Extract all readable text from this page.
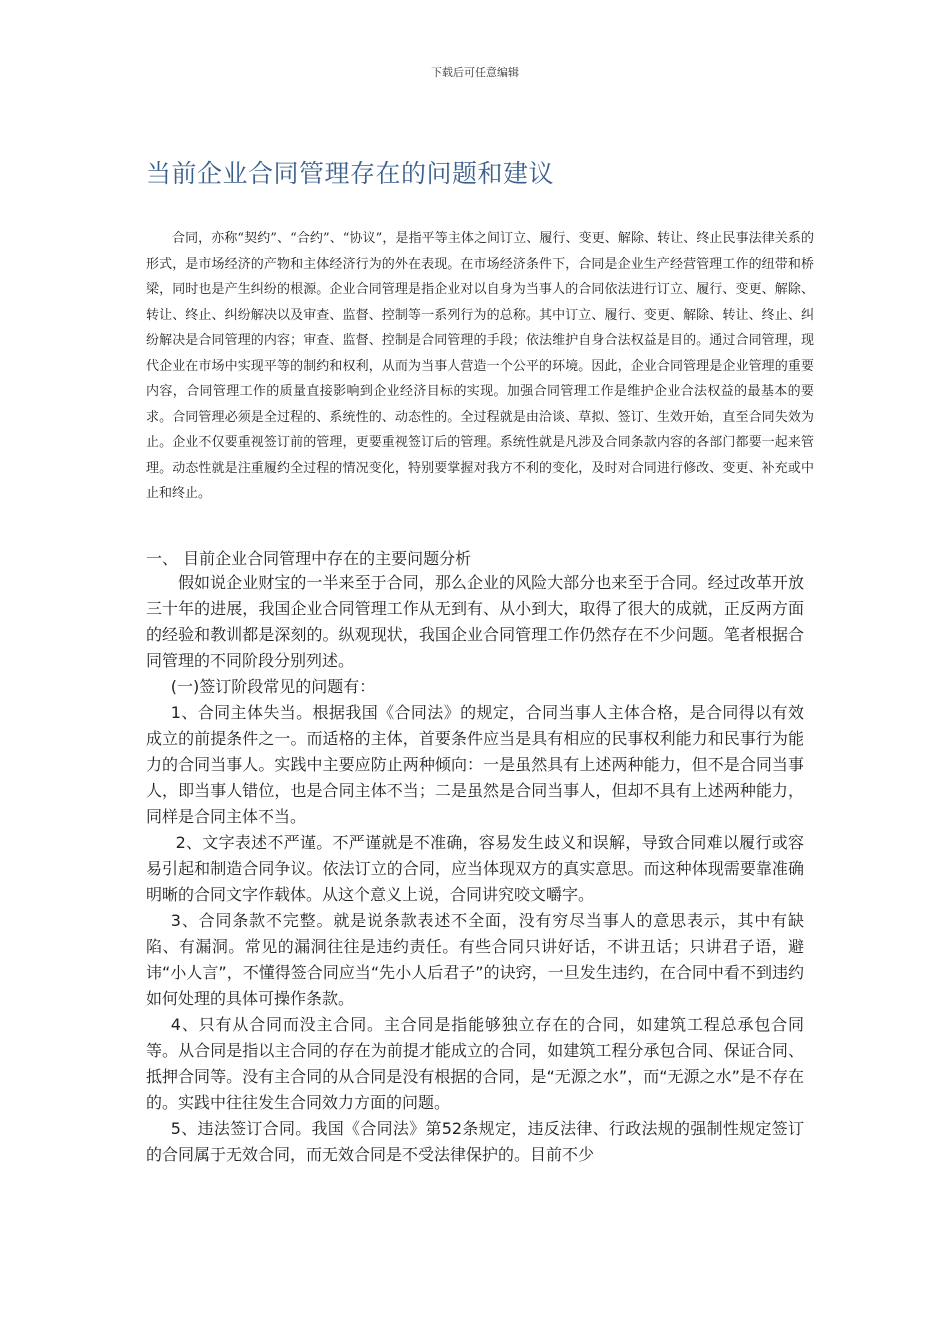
下载后可任意编辑
当前企业合同管理存在的问题和建议

合同，亦称“契约”、“合约”、“协议”，是指平等主体之间订立、履行、变更、解除、转让、终止民事法律关系的形式，是市场经济的产物和主体经济行为的外在表现。在市场经济条件下，合同是企业生产经营管理工作的纽带和桥梁，同时也是产生纠纷的根源。企业合同管理是指企业对以自身为当事人的合同依法进行订立、履行、变更、解除、转让、终止、纠纷解决以及审查、监督、控制等一系列行为的总称。其中订立、履行、变更、解除、转让、终止、纠纷解决是合同管理的内容；审查、监督、控制是合同管理的手段；依法维护自身合法权益是目的。通过合同管理，现代企业在市场中实现平等的制约和权利，从而为当事人营造一个公平的环境。因此，企业合同管理是企业管理的重要内容，合同管理工作的质量直接影响到企业经济目标的实现。加强合同管理工作是维护企业合法权益的最基本的要求。合同管理必须是全过程的、系统性的、动态性的。全过程就是由洽谈、草拟、签订、生效开始，直至合同失效为止。企业不仅要重视签订前的管理，更要重视签订后的管理。系统性就是凡涉及合同条款内容的各部门都要一起来管理。动态性就是注重履约全过程的情况变化，特别要掌握对我方不利的变化，及时对合同进行修改、变更、补充或中止和终止。

一、 目前企业合同管理中存在的主要问题分析

假如说企业财宝的一半来至于合同，那么企业的风险大部分也来至于合同。经过改革开放三十年的进展，我国企业合同管理工作从无到有、从小到大，取得了很大的成就，正反两方面的经验和教训都是深刻的。纵观现状，我国企业合同管理工作仍然存在不少问题。笔者根据合同管理的不同阶段分别列述。

(一)签订阶段常见的问题有：

1、合同主体失当。根据我国《合同法》的规定，合同当事人主体合格，是合同得以有效成立的前提条件之一。而适格的主体，首要条件应当是具有相应的民事权利能力和民事行为能力的合同当事人。实践中主要应防止两种倾向：一是虽然具有上述两种能力，但不是合同当事人，即当事人错位，也是合同主体不当；二是虽然是合同当事人，但却不具有上述两种能力，同样是合同主体不当。

2、文字表述不严谨。不严谨就是不准确，容易发生歧义和误解，导致合同难以履行或容易引起和制造合同争议。依法订立的合同，应当体现双方的真实意思。而这种体现需要靠准确明晰的合同文字作载体。从这个意义上说，合同讲究咬文嚼字。

3、合同条款不完整。就是说条款表述不全面，没有穷尽当事人的意思表示，其中有缺陷、有漏洞。常见的漏洞往往是违约责任。有些合同只讲好话，不讲丑话；只讲君子语，避讳“小人言”，不懂得签合同应当“先小人后君子”的诀窍，一旦发生违约，在合同中看不到违约如何处理的具体可操作条款。

4、只有从合同而没主合同。主合同是指能够独立存在的合同，如建筑工程总承包合同等。从合同是指以主合同的存在为前提才能成立的合同，如建筑工程分承包合同、保证合同、抵押合同等。没有主合同的从合同是没有根据的合同，是“无源之水”，而“无源之水”是不存在的。实践中往往发生合同效力方面的问题。

5、违法签订合同。我国《合同法》第52条规定，违反法律、行政法规的强制性规定签订的合同属于无效合同，而无效合同是不受法律保护的。目前不少
